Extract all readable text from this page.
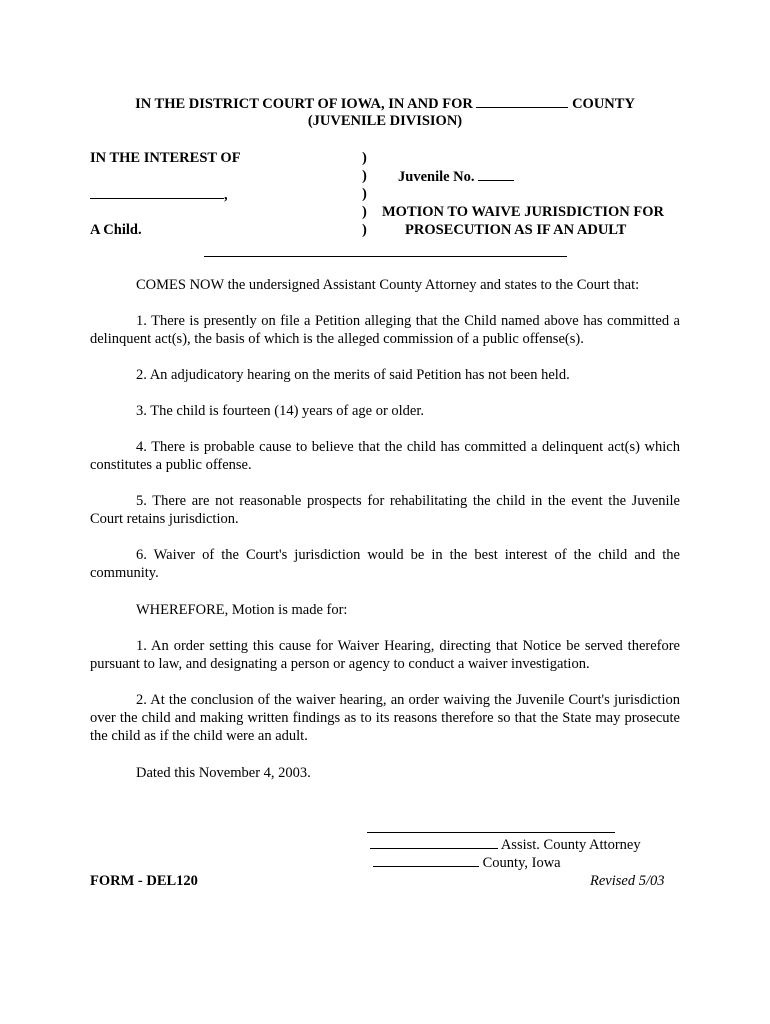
IN THE DISTRICT COURT OF IOWA, IN AND FOR	COUNTY
(JUVENILE DIVISION)
IN THE INTEREST OF
,
A Child.
)
)
)
)
)
Juvenile No.
MOTION TO WAIVE JURISDICTION FOR
PROSECUTION AS IF AN ADULT
COMES NOW the undersigned Assistant County Attorney and states to the Court that:
1. There is presently on file a Petition alleging that the Child named above has committed a delinquent act(s), the basis of which is the alleged commission of a public offense(s).
2. An adjudicatory hearing on the merits of said Petition has not been held.
3. The child is fourteen (14) years of age or older.
4. There is probable cause to believe that the child has committed a delinquent act(s) which constitutes a public offense.
5. There are not reasonable prospects for rehabilitating the child in the event the Juvenile Court retains jurisdiction.
6. Waiver of the Court's jurisdiction would be in the best interest of the child and the community.
WHEREFORE, Motion is made for:
1. An order setting this cause for Waiver Hearing, directing that Notice be served therefore pursuant to law, and designating a person or agency to conduct a waiver investigation.
2. At the conclusion of the waiver hearing, an order waiving the Juvenile Court's jurisdiction over the child and making written findings as to its reasons therefore so that the State may prosecute the child as if the child were an adult.
Dated this November 4, 2003.
Assist. County Attorney
County, Iowa
FORM - DEL120	Revised 5/03
